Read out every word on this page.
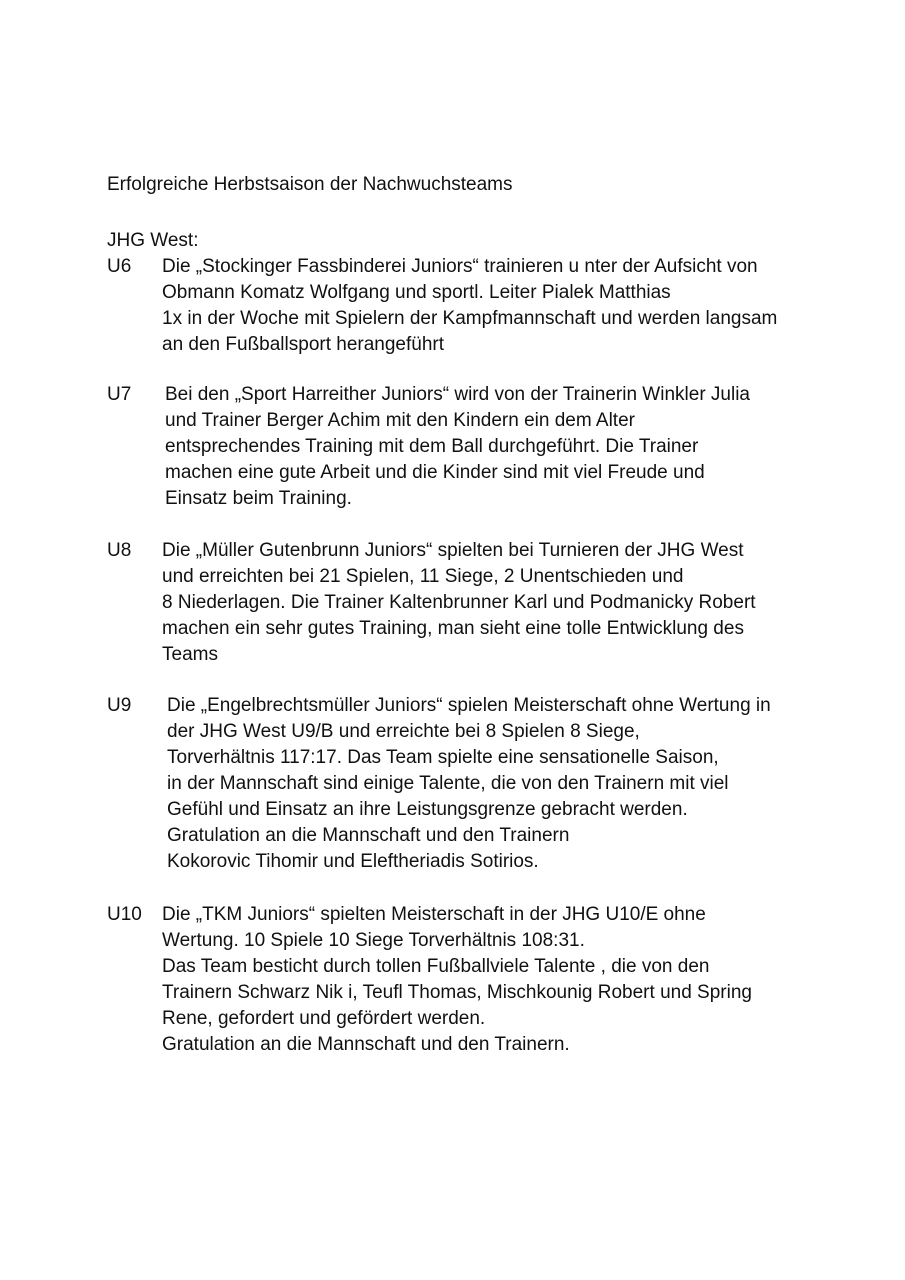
Erfolgreiche Herbstsaison der Nachwuchsteams
JHG West:
U6 Die „Stockinger Fassbinderei Juniors“ trainieren u nter der Aufsicht von
Obmann Komatz Wolfgang und sportl. Leiter Pialek Matthias
1x in der Woche mit Spielern der Kampfmannschaft und werden langsam
an den Fußballsport herangeführt
U7 Bei den „Sport Harreither Juniors“ wird von der Trainerin Winkler Julia
und Trainer Berger Achim mit den Kindern ein dem Alter
entsprechendes Training mit dem Ball durchgeführt. Die Trainer
machen eine gute Arbeit und die Kinder sind mit viel Freude und
Einsatz beim Training.
U8 Die „Müller Gutenbrunn Juniors“ spielten bei Turnieren der JHG West
und erreichten bei 21 Spielen, 11 Siege, 2 Unentschieden und
8 Niederlagen. Die Trainer Kaltenbrunner Karl und Podmanicky Robert
machen ein sehr gutes Training, man sieht eine tolle Entwicklung des
Teams
U9 Die „Engelbrechtsmüller Juniors“ spielen Meisterschaft ohne Wertung in
der JHG West U9/B und erreichte bei 8 Spielen 8 Siege,
Torverhältnis 117:17. Das Team spielte eine sensationelle Saison,
in der Mannschaft sind einige Talente, die von den Trainern mit viel
Gefühl und Einsatz an ihre Leistungsgrenze gebracht werden.
Gratulation an die Mannschaft und den Trainern
Kokorovic Tihomir und Eleftheriadis Sotirios.
U10 Die „TKM Juniors“ spielten Meisterschaft in der JHG U10/E ohne
Wertung. 10 Spiele 10 Siege Torverhältnis 108:31.
Das Team besticht durch tollen Fußballviele Talente , die von den
Trainern Schwarz Nik i, Teufl Thomas, Mischkounig Robert und Spring
Rene, gefordert und gefördert werden.
Gratulation an die Mannschaft und den Trainern.
